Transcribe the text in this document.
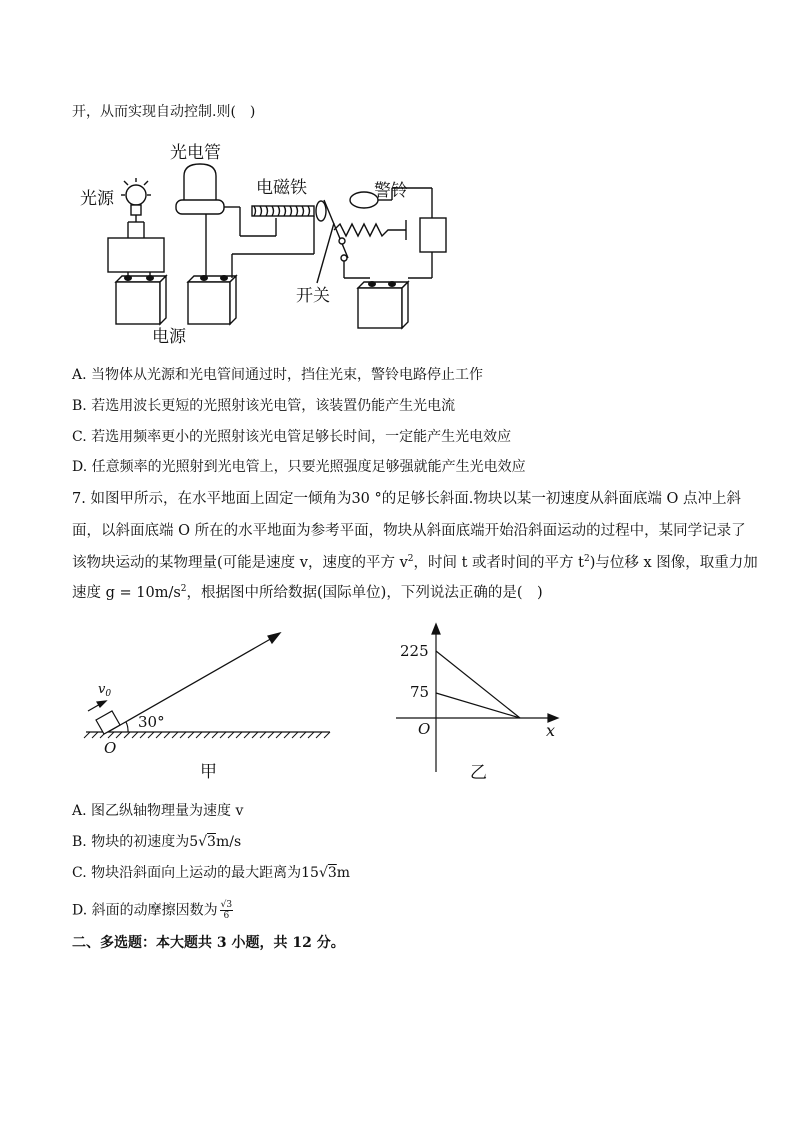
开，从而实现自动控制.则(　)
光源
光电管
电磁铁	警铃
开关
电源
A. 当物体从光源和光电管间通过时，挡住光束，警铃电路停止工作
B. 若选用波长更短的光照射该光电管，该装置仍能产生光电流
C. 若选用频率更小的光照射该光电管足够长时间，一定能产生光电效应
D. 任意频率的光照射到光电管上，只要光照强度足够强就能产生光电效应
7. 如图甲所示，在水平地面上固定一倾角为30 °的足够长斜面.物块以某一初速度从斜面底端 O 点冲上斜
面，以斜面底端 O 所在的水平地面为参考平面，物块从斜面底端开始沿斜面运动的过程中，某同学记录了
该物块运动的某物理量(可能是速度 v，速度的平方 $v^2$，时间 t 或者时间的平方 $t^2$)与位移 x 图像，取重力加
速度 $g = 10m/s^2$，根据图中所给数据(国际单位)，下列说法正确的是(　)
$v_0$
30°
O
甲
225
75
O	x
乙
A. 图乙纵轴物理量为速度 v
B. 物块的初速度为5√3m/s
C. 物块沿斜面向上运动的最大距离为15√3m
D. 斜面的动摩擦因数为 $\frac{√3}{6}$
二、多选题：本大题共 3 小题，共 12 分。
